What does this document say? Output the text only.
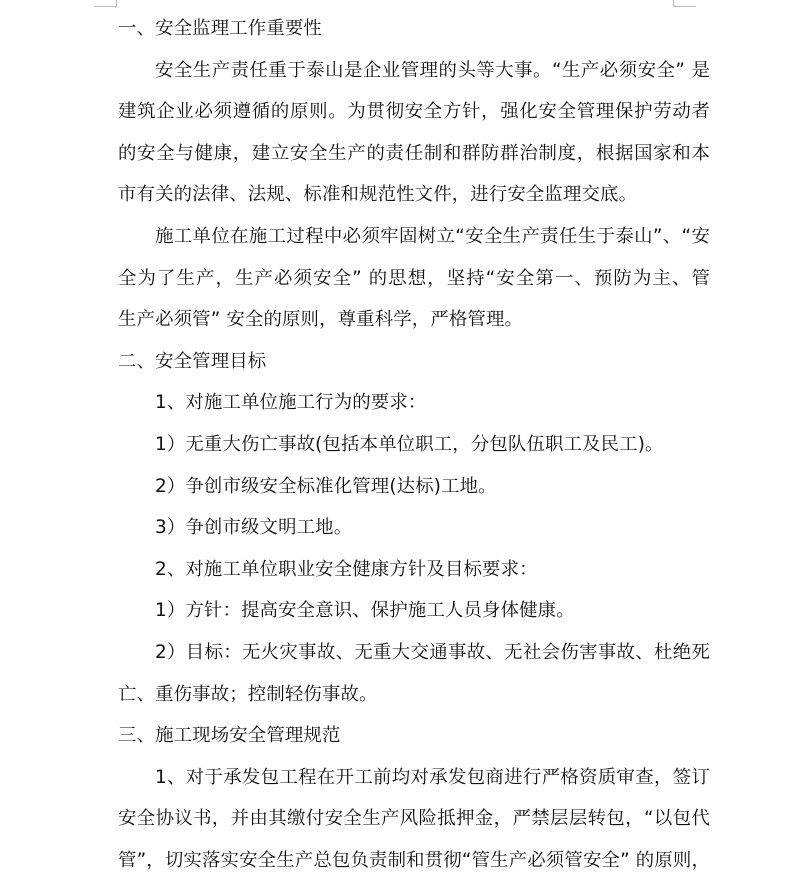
一、安全监理工作重要性
安全生产责任重于泰山是企业管理的头等大事。“生产必须安全” 是
建筑企业必须遵循的原则。为贯彻安全方针，强化安全管理保护劳动者
的安全与健康，建立安全生产的责任制和群防群治制度，根据国家和本
市有关的法律、法规、标准和规范性文件，进行安全监理交底。
施工单位在施工过程中必须牢固树立“安全生产责任生于泰山”、“安
全为了生产，生产必须安全” 的思想，坚持“安全第一、预防为主、管
生产必须管” 安全的原则，尊重科学，严格管理。
二、安全管理目标
1、对施工单位施工行为的要求：
1）无重大伤亡事故(包括本单位职工，分包队伍职工及民工)。
2）争创市级安全标准化管理(达标)工地。
3）争创市级文明工地。
2、对施工单位职业安全健康方针及目标要求：
1）方针：提高安全意识、保护施工人员身体健康。
2）目标：无火灾事故、无重大交通事故、无社会伤害事故、杜绝死
亡、重伤事故；控制轻伤事故。
三、施工现场安全管理规范
1、对于承发包工程在开工前均对承发包商进行严格资质审查，签订
安全协议书，并由其缴付安全生产风险抵押金，严禁层层转包，“以包代
管”，切实落实安全生产总包负责制和贯彻“管生产必须管安全” 的原则，
